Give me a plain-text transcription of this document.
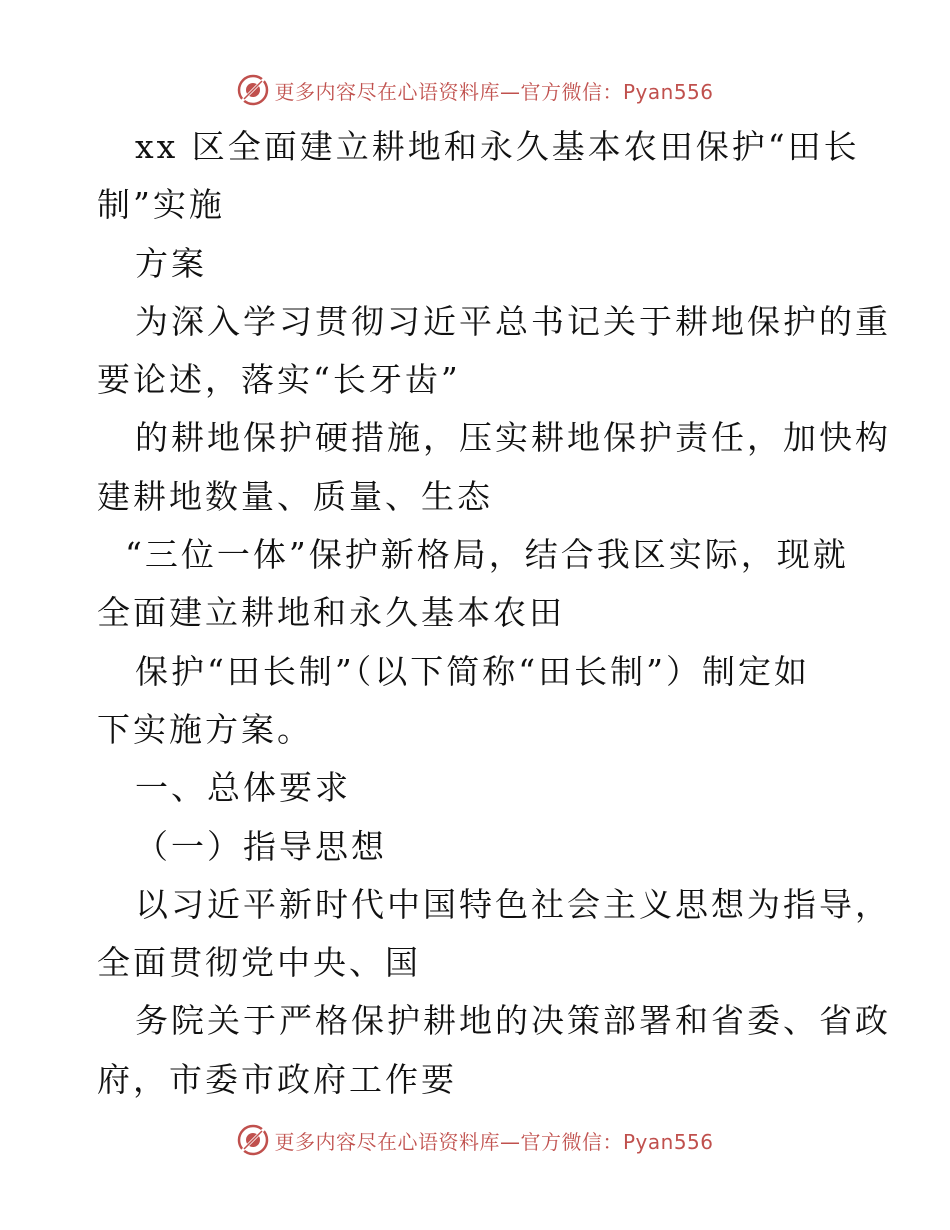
更多内容尽在心语资料库—官方微信：Pyan556
xx 区全面建立耕地和永久基本农田保护“田长
制”实施
方案
为深入学习贯彻习近平总书记关于耕地保护的重
要论述，落实“长牙齿”
的耕地保护硬措施，压实耕地保护责任，加快构
建耕地数量、质量、生态
“三位一体”保护新格局，结合我区实际，现就
全面建立耕地和永久基本农田
保护“田长制”（以下简称“田长制”）制定如
下实施方案。
一、总体要求
（一）指导思想
以习近平新时代中国特色社会主义思想为指导，
全面贯彻党中央、国
务院关于严格保护耕地的决策部署和省委、省政
府，市委市政府工作要
更多内容尽在心语资料库—官方微信：Pyan556
